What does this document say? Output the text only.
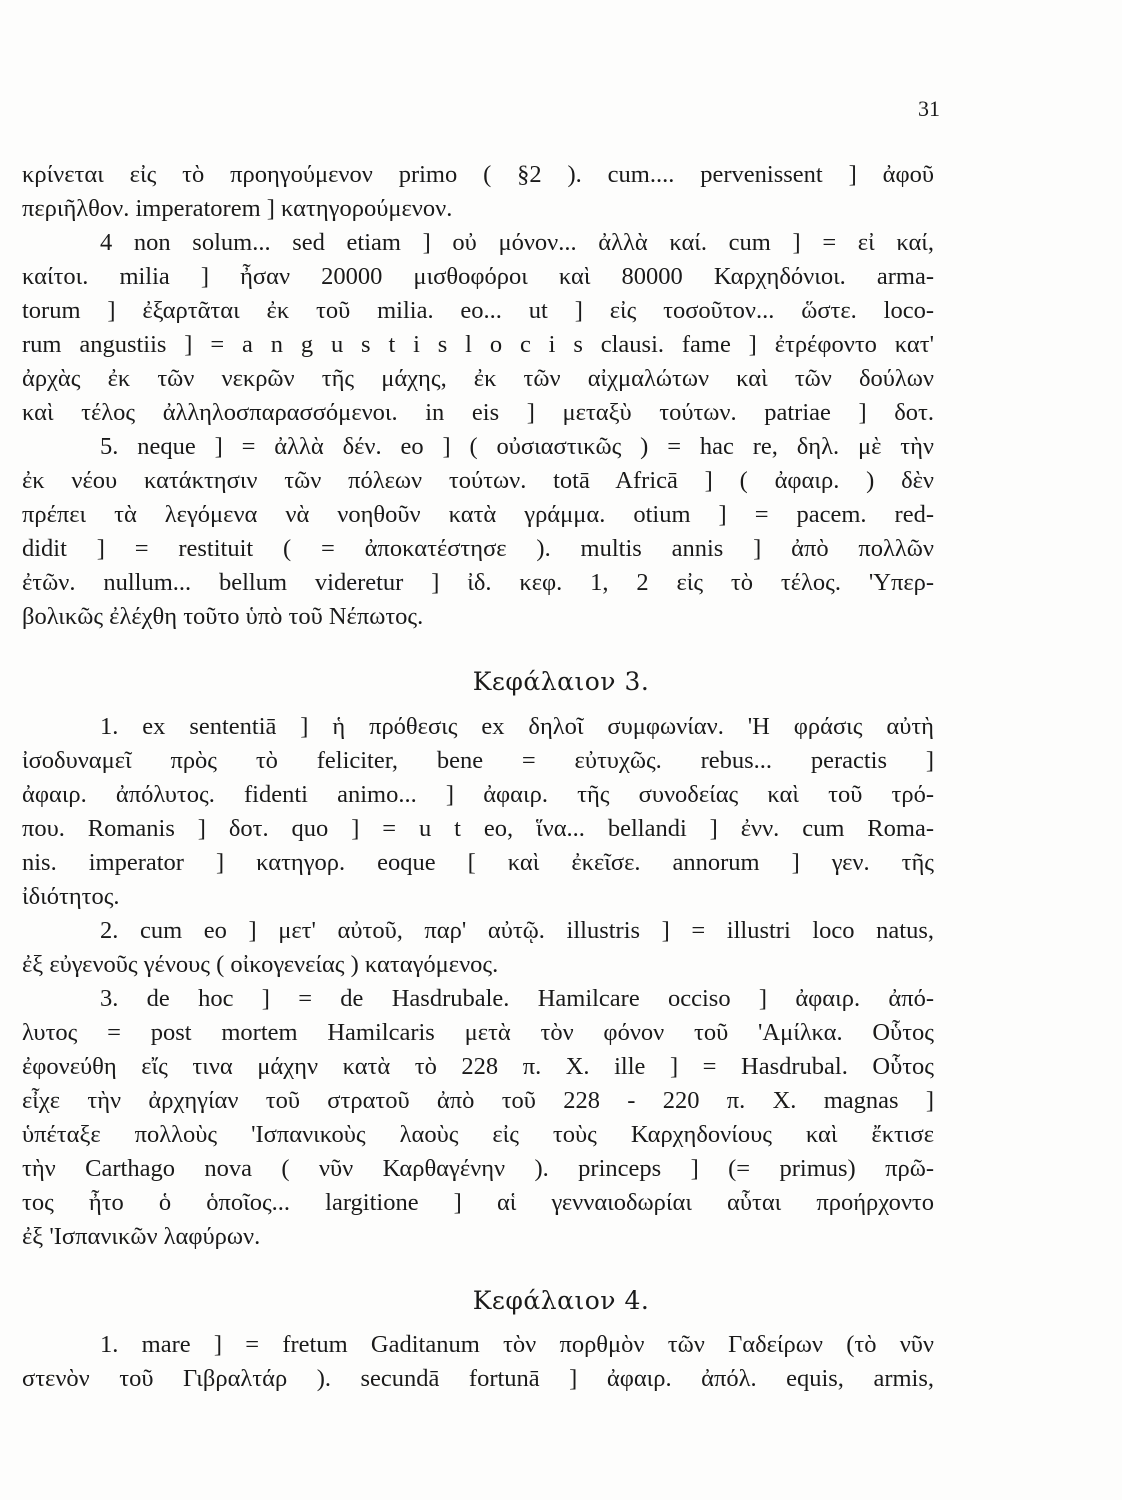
31
κρίνεται εἰς τὸ προηγούμενον primo ( §2 ). cum.... pervenissent ] ἀφοῦ
περιῆλθον. imperatorem ] κατηγορούμενον.
4 non solum... sed etiam ] οὐ μόνον... ἀλλὰ καί. cum ] = εἰ καί,
καίτοι. milia ] ἦσαν 20000 μισθοφόροι καὶ 80000 Καρχηδόνιοι. arma-
torum ] ἐξαρτᾶται ἐκ τοῦ milia. eo... ut ] εἰς τοσοῦτον... ὥστε. loco-
rum angustiis ] = a n g u s t i s l o c i s clausi. fame ] ἐτρέφοντο κατ'
ἀρχὰς ἐκ τῶν νεκρῶν τῆς μάχης, ἐκ τῶν αἰχμαλώτων καὶ τῶν δούλων
καὶ τέλος ἀλληλοσπαρασσόμενοι. in eis ] μεταξὺ τούτων. patriae ] δοτ.
5. neque ] = ἀλλὰ δέν. eo ] ( οὐσιαστικῶς ) = hac re, δηλ. μὲ τὴν
ἐκ νέου κατάκτησιν τῶν πόλεων τούτων. totā Africā ] ( ἀφαιρ. ) δὲν
πρέπει τὰ λεγόμενα νὰ νοηθοῦν κατὰ γράμμα. otium ] = pacem. red-
didit ] = restituit ( = ἀποκατέστησε ). multis annis ] ἀπὸ πολλῶν
ἐτῶν. nullum... bellum videretur ] ἰδ. κεφ. 1, 2 εἰς τὸ τέλος. 'Υπερ-
βολικῶς ἐλέχθη τοῦτο ὑπὸ τοῦ Νέπωτος.
Κεφάλαιον 3.
1. ex sententiā ] ἡ πρόθεσις ex δηλοῖ συμφωνίαν. 'Η φράσις αὐτὴ
ἰσοδυναμεῖ πρὸς τὸ feliciter, bene = εὐτυχῶς. rebus... peractis ]
ἀφαιρ. ἀπόλυτος. fidenti animo... ] ἀφαιρ. τῆς συνοδείας καὶ τοῦ τρό-
που. Romanis ] δοτ. quo ] = u t eo, ἵνα... bellandi ] ἐνν. cum Roma-
nis. imperator ] κατηγορ. eoque [ καὶ ἐκεῖσε. annorum ] γεν. τῆς
ἰδιότητος.
2. cum eo ] μετ' αὐτοῦ, παρ' αὐτῷ. illustris ] = illustri loco natus,
ἐξ εὐγενοῦς γένους ( οἰκογενείας ) καταγόμενος.
3. de hoc ] = de Hasdrubale. Hamilcare occiso ] ἀφαιρ. ἀπό-
λυτος = post mortem Hamilcaris μετὰ τὸν φόνον τοῦ 'Αμίλκα. Οὗτος
ἐφονεύθη εἴς τινα μάχην κατὰ τὸ 228 π. Χ. ille ] = Hasdrubal. Οὗτος
εἶχε τὴν ἀρχηγίαν τοῦ στρατοῦ ἀπὸ τοῦ 228 - 220 π. Χ. magnas ]
ὑπέταξε πολλοὺς 'Ισπανικοὺς λαοὺς εἰς τοὺς Καρχηδονίους καὶ ἔκτισε
τὴν Carthago nova ( νῦν Καρθαγένην ). princeps ] (= primus) πρῶ-
τος ἦτο ὁ ὁποῖος... largitione ] αἱ γενναιοδωρίαι αὗται προήρχοντο
ἐξ 'Ισπανικῶν λαφύρων.
Κεφάλαιον 4.
1. mare ] = fretum Gaditanum τὸν πορθμὸν τῶν Γαδείρων (τὸ νῦν
στενὸν τοῦ Γιβραλτάρ ). secundā fortunā ] ἀφαιρ. ἀπόλ. equis, armis,
